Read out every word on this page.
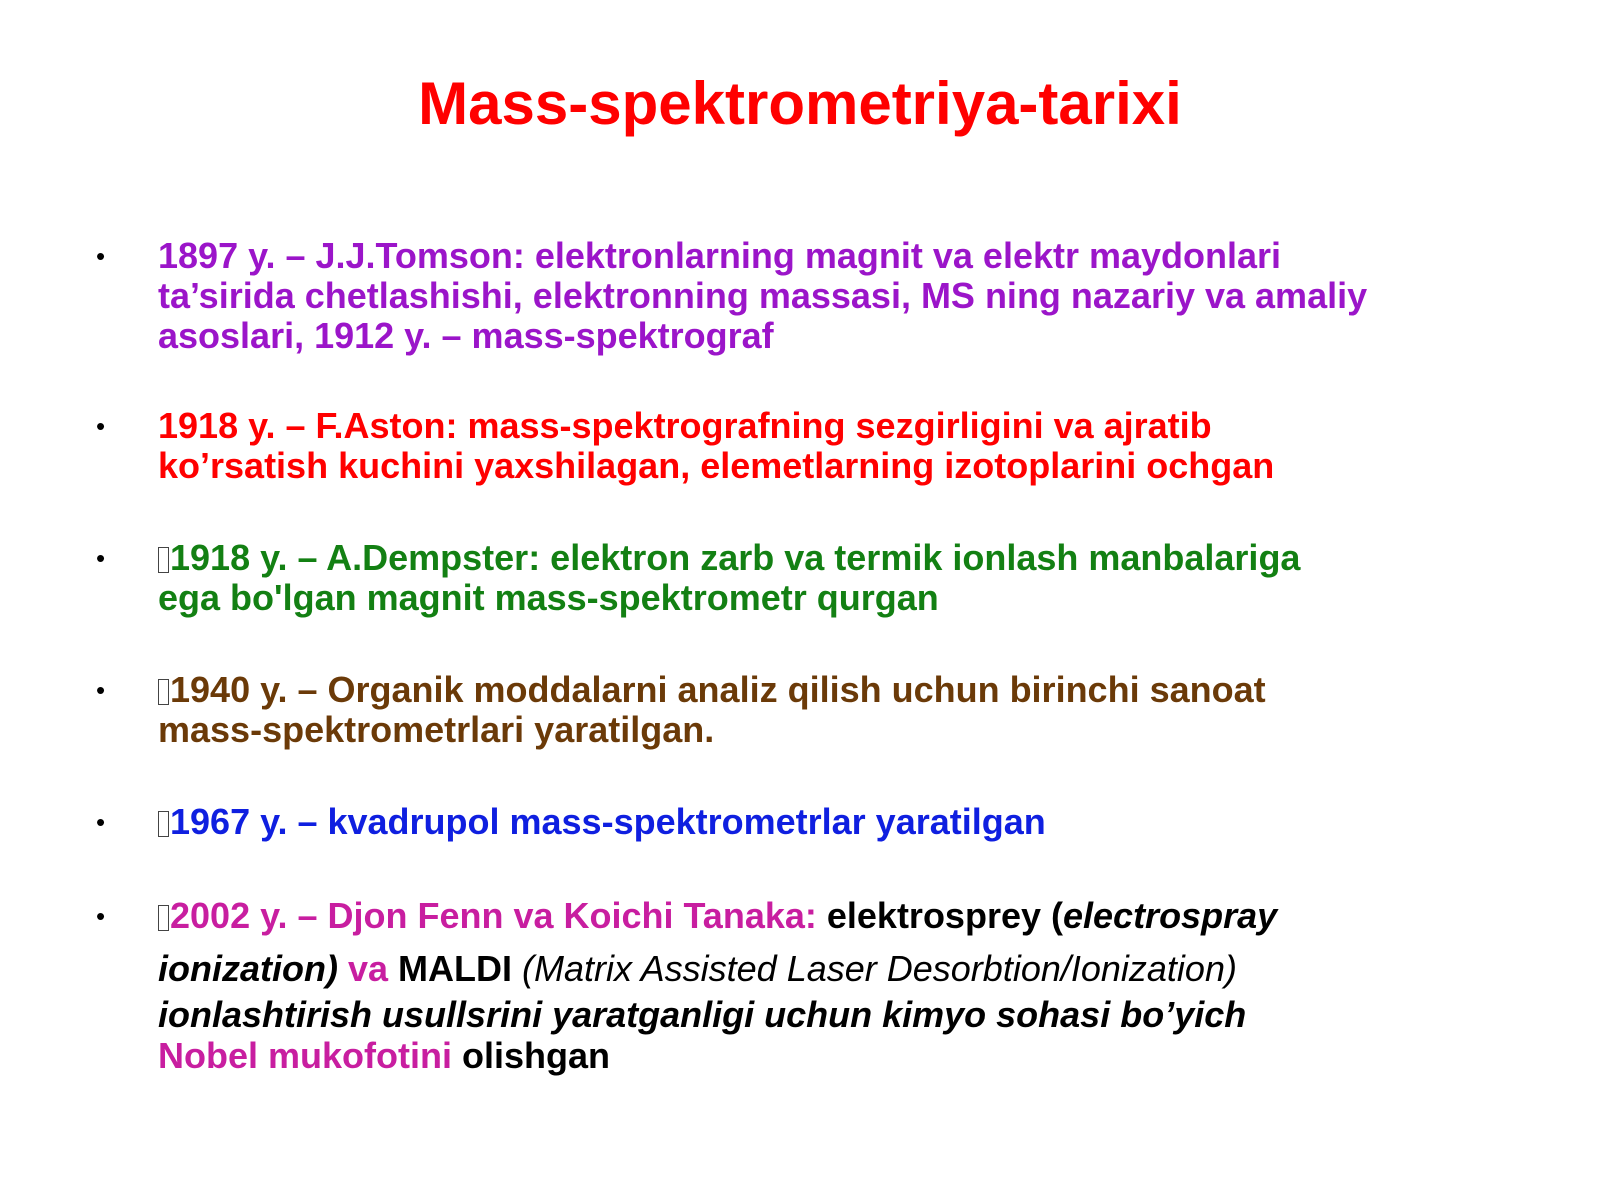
Mass-spektrometriya-tarixi
• 1897 y. – J.J.Tomson: elektronlarning magnit va elektr maydonlari
ta’sirida chetlashishi, elektronning massasi, MS ning nazariy va amaliy
asoslari, 1912 y. – mass-spektrograf

• 1918 y. – F.Aston: mass-spektrografning sezgirligini va ajratib
ko’rsatish kuchini yaxshilagan, elemetlarning izotoplarini ochgan

•	1918 y. – A.Dempster: elektron zarb va termik ionlash manbalariga
ega bo'lgan magnit mass-spektrometr qurgan

•	1940 y. – Organik moddalarni analiz qilish uchun birinchi sanoat
mass-spektrometrlari yaratilgan.

•	1967 y. – kvadrupol mass-spektrometrlar yaratilgan

•	2002 y. – Djon Fenn va Koichi Tanaka: elektrosprey (electrospray
ionization) va MALDI (Matrix Assisted Laser Desorbtion/Ionization)
ionlashtirish usullsrini yaratganligi uchun kimyo sohasi bo’yich
Nobel mukofotini olishgan
